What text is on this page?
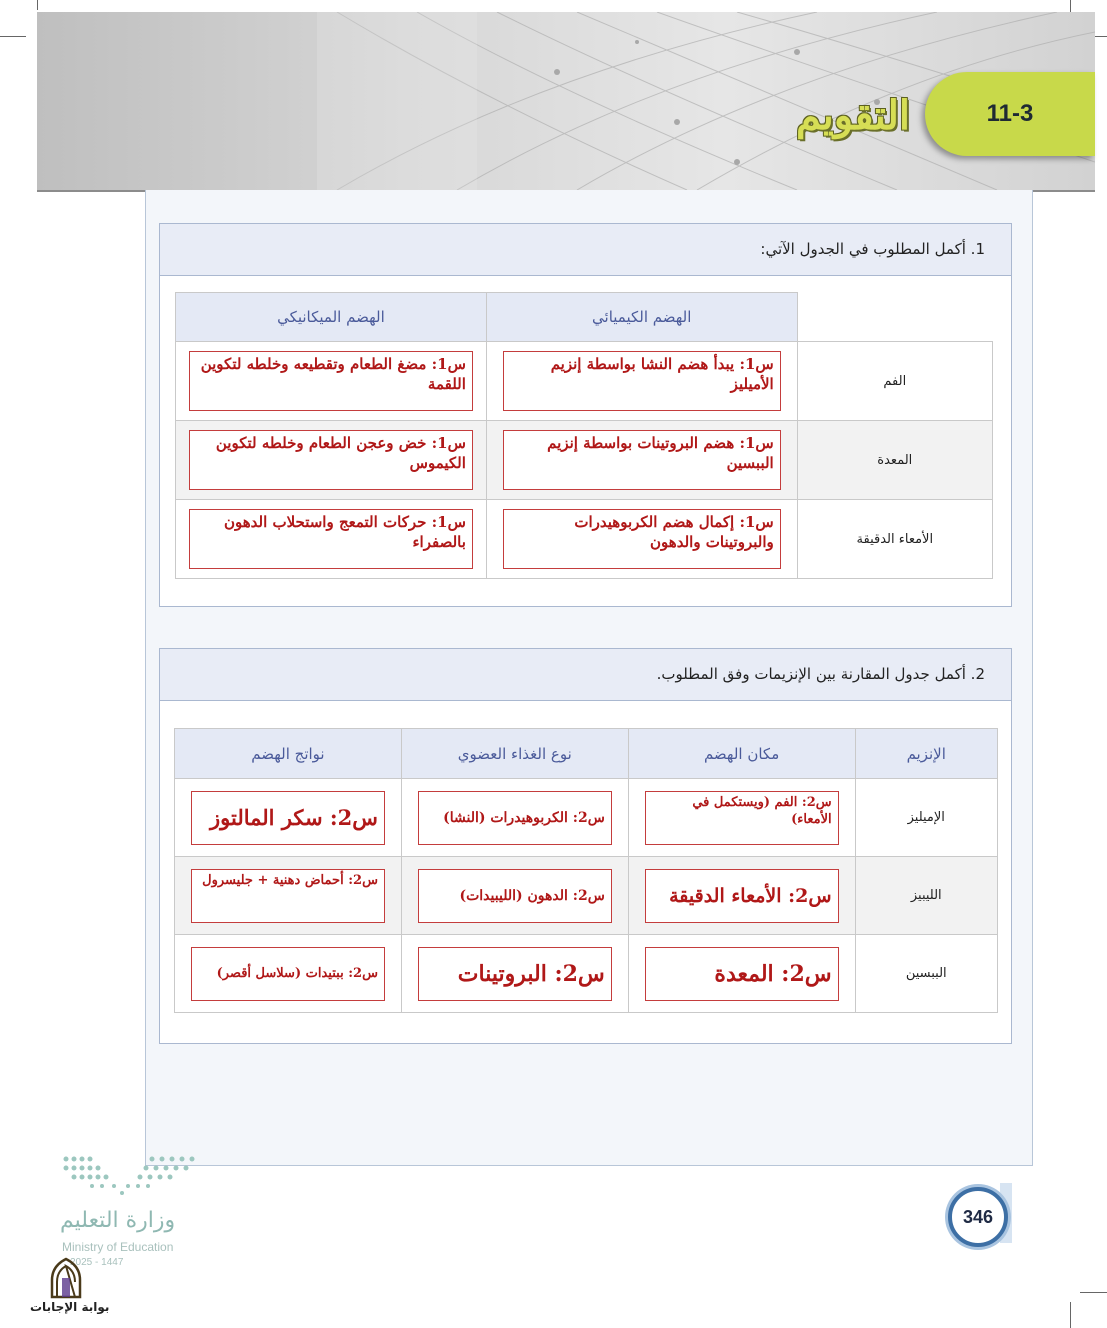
11-3
التقويم
1. أكمل المطلوب في الجدول الآتي:
	الهضم الكيميائي	الهضم الميكانيكي
الفم	س1: يبدأ هضم النشا بواسطة إنزيم الأميليز	س1: مضغ الطعام وتقطيعه وخلطه لتكوين اللقمة

المعدة	س1: هضم البروتينات بواسطة إنزيم الببسين	س1: خض وعجن الطعام وخلطه لتكوين الكيموس

الأمعاء الدقيقة	س1: إكمال هضم الكربوهيدرات والبروتينات والدهون	س1: حركات التمعج واستحلاب الدهون بالصفراء
2. أكمل جدول المقارنة بين الإنزيمات وفق المطلوب.
الإنزيم	مكان الهضم	نوع الغذاء العضوي	نواتج الهضم
الإميليز	س2: الفم (ويستكمل في الأمعاء)	س2: الكربوهيدرات (النشا)	س2: سكر المالتوز

الليبيز	س2: الأمعاء الدقيقة	س2: الدهون (الليبيدات)	س2: أحماض دهنية + جليسرول

الببسين	س2: المعدة	س2: البروتينات	س2: ببتيدات (سلاسل أقصر)
346
وزارة التعليم
Ministry of Education
2025 - 1447
بوابة الإجابات
